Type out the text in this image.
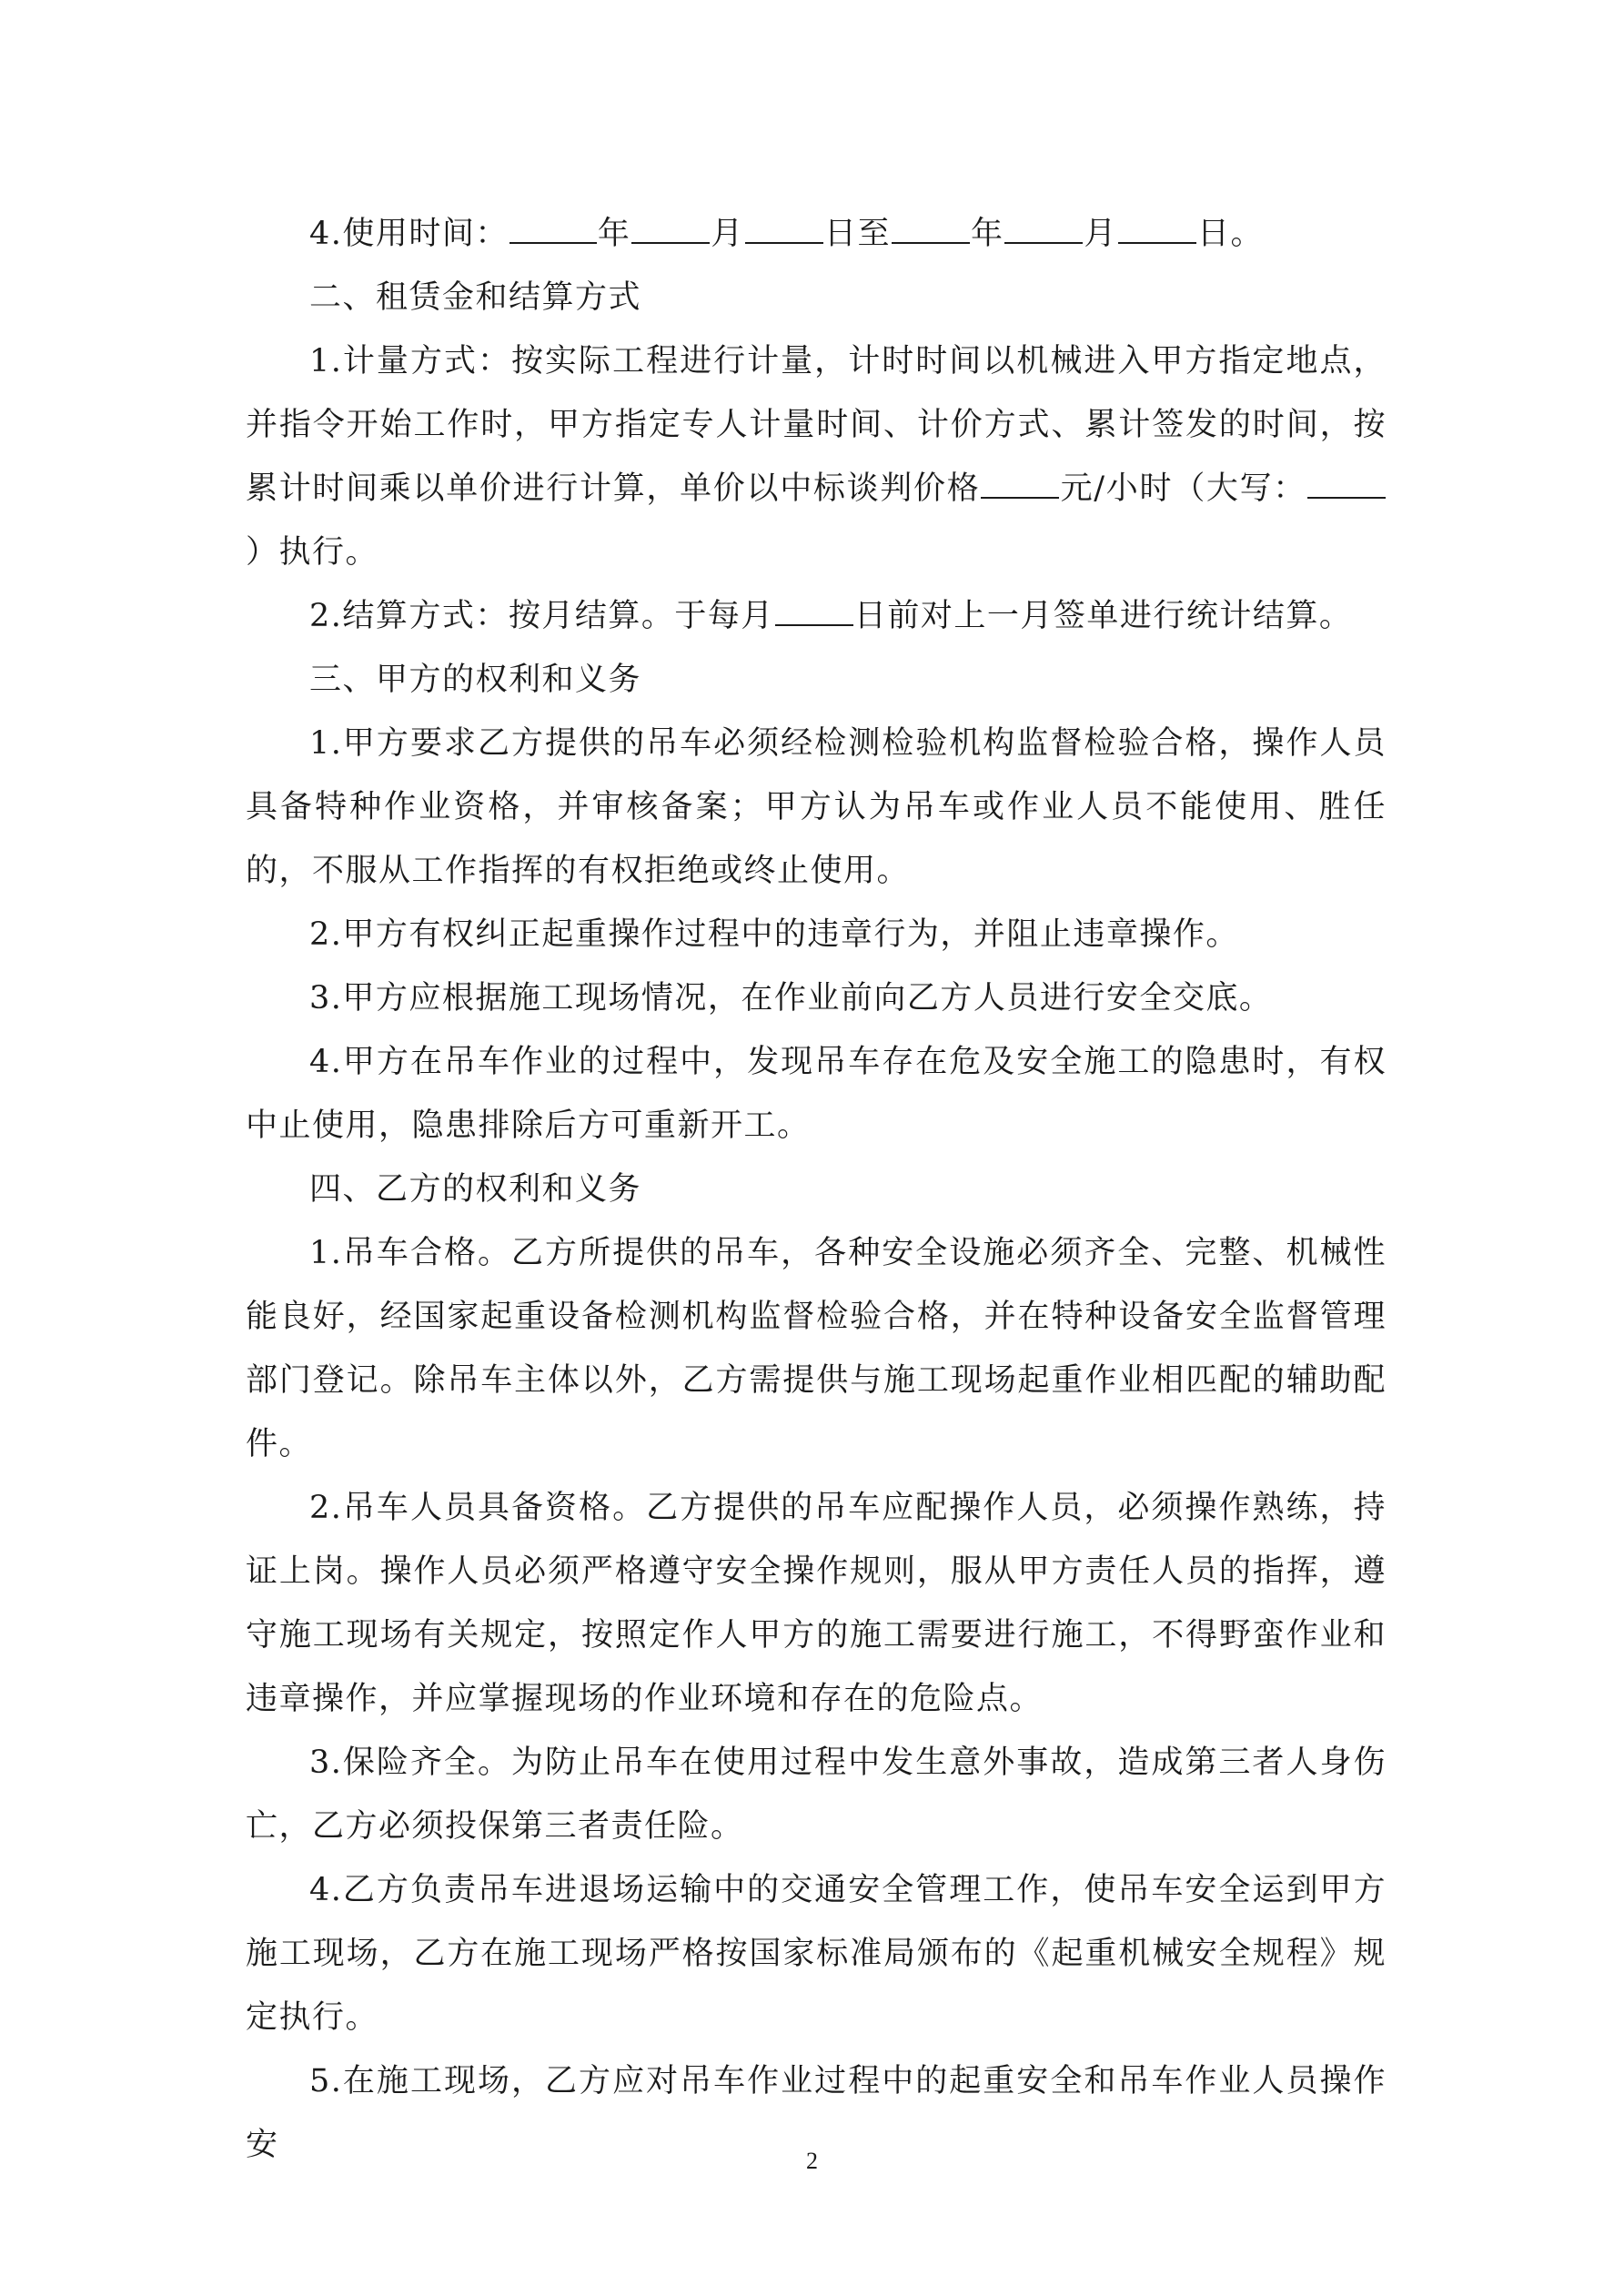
4.使用时间：	年	月	日至	年	月	日。

二、租赁金和结算方式

1.计量方式：按实际工程进行计量，计时时间以机械进入甲方指定地点，并指令开始工作时，甲方指定专人计量时间、计价方式、累计签发的时间，按累计时间乘以单价进行计算，单价以中标谈判价格	元/小时（大写：）执行。

2.结算方式：按月结算。于每月	日前对上一月签单进行统计结算。

三、甲方的权利和义务

1.甲方要求乙方提供的吊车必须经检测检验机构监督检验合格，操作人员具备特种作业资格，并审核备案；甲方认为吊车或作业人员不能使用、胜任的，不服从工作指挥的有权拒绝或终止使用。

2.甲方有权纠正起重操作过程中的违章行为，并阻止违章操作。

3.甲方应根据施工现场情况，在作业前向乙方人员进行安全交底。

4.甲方在吊车作业的过程中，发现吊车存在危及安全施工的隐患时，有权中止使用，隐患排除后方可重新开工。

四、乙方的权利和义务

1.吊车合格。乙方所提供的吊车，各种安全设施必须齐全、完整、机械性能良好，经国家起重设备检测机构监督检验合格，并在特种设备安全监督管理部门登记。除吊车主体以外，乙方需提供与施工现场起重作业相匹配的辅助配件。

2.吊车人员具备资格。乙方提供的吊车应配操作人员，必须操作熟练，持证上岗。操作人员必须严格遵守安全操作规则，服从甲方责任人员的指挥，遵守施工现场有关规定，按照定作人甲方的施工需要进行施工，不得野蛮作业和违章操作，并应掌握现场的作业环境和存在的危险点。

3.保险齐全。为防止吊车在使用过程中发生意外事故，造成第三者人身伤亡，乙方必须投保第三者责任险。

4.乙方负责吊车进退场运输中的交通安全管理工作，使吊车安全运到甲方施工现场，乙方在施工现场严格按国家标准局颁布的《起重机械安全规程》规定执行。

5.在施工现场，乙方应对吊车作业过程中的起重安全和吊车作业人员操作安	2
